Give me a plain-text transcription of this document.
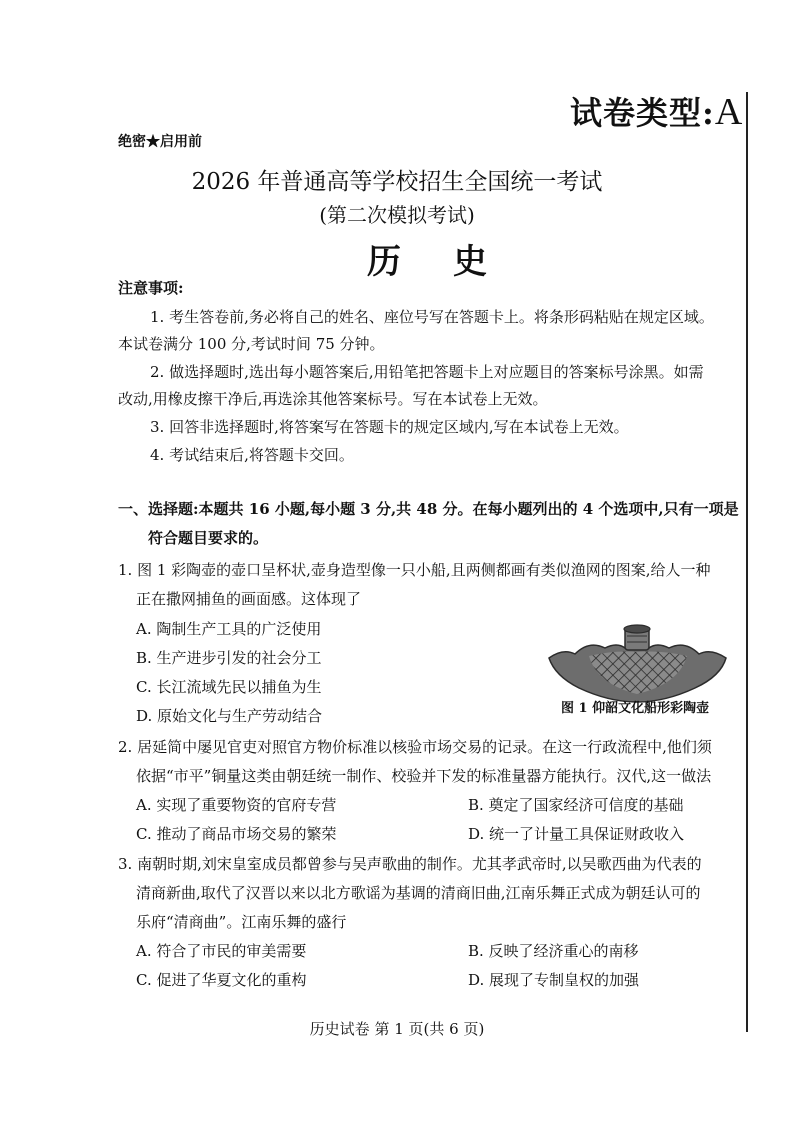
试卷类型:A
绝密★启用前
2026 年普通高等学校招生全国统一考试
(第二次模拟考试)
历史
注意事项:
1. 考生答卷前,务必将自己的姓名、座位号写在答题卡上。将条形码粘贴在规定区域。
本试卷满分 100 分,考试时间 75 分钟。
2. 做选择题时,选出每小题答案后,用铅笔把答题卡上对应题目的答案标号涂黑。如需
改动,用橡皮擦干净后,再选涂其他答案标号。写在本试卷上无效。
3. 回答非选择题时,将答案写在答题卡的规定区域内,写在本试卷上无效。
4. 考试结束后,将答题卡交回。
一、选择题:本题共 16 小题,每小题 3 分,共 48 分。在每小题列出的 4 个选项中,只有一项是
符合题目要求的。
1. 图 1 彩陶壶的壶口呈杯状,壶身造型像一只小船,且两侧都画有类似渔网的图案,给人一种
正在撒网捕鱼的画面感。这体现了
A. 陶制生产工具的广泛使用
B. 生产进步引发的社会分工
C. 长江流域先民以捕鱼为生
D. 原始文化与生产劳动结合	图 1 仰韶文化船形彩陶壶
2. 居延简中屡见官吏对照官方物价标准以核验市场交易的记录。在这一行政流程中,他们须
依据“市平”铜量这类由朝廷统一制作、校验并下发的标准量器方能执行。汉代,这一做法
A. 实现了重要物资的官府专营	B. 奠定了国家经济可信度的基础
C. 推动了商品市场交易的繁荣	D. 统一了计量工具保证财政收入
3. 南朝时期,刘宋皇室成员都曾参与吴声歌曲的制作。尤其孝武帝时,以吴歌西曲为代表的
清商新曲,取代了汉晋以来以北方歌谣为基调的清商旧曲,江南乐舞正式成为朝廷认可的
乐府“清商曲”。江南乐舞的盛行
A. 符合了市民的审美需要	B. 反映了经济重心的南移
C. 促进了华夏文化的重构	D. 展现了专制皇权的加强
历史试卷 第 1 页(共 6 页)
